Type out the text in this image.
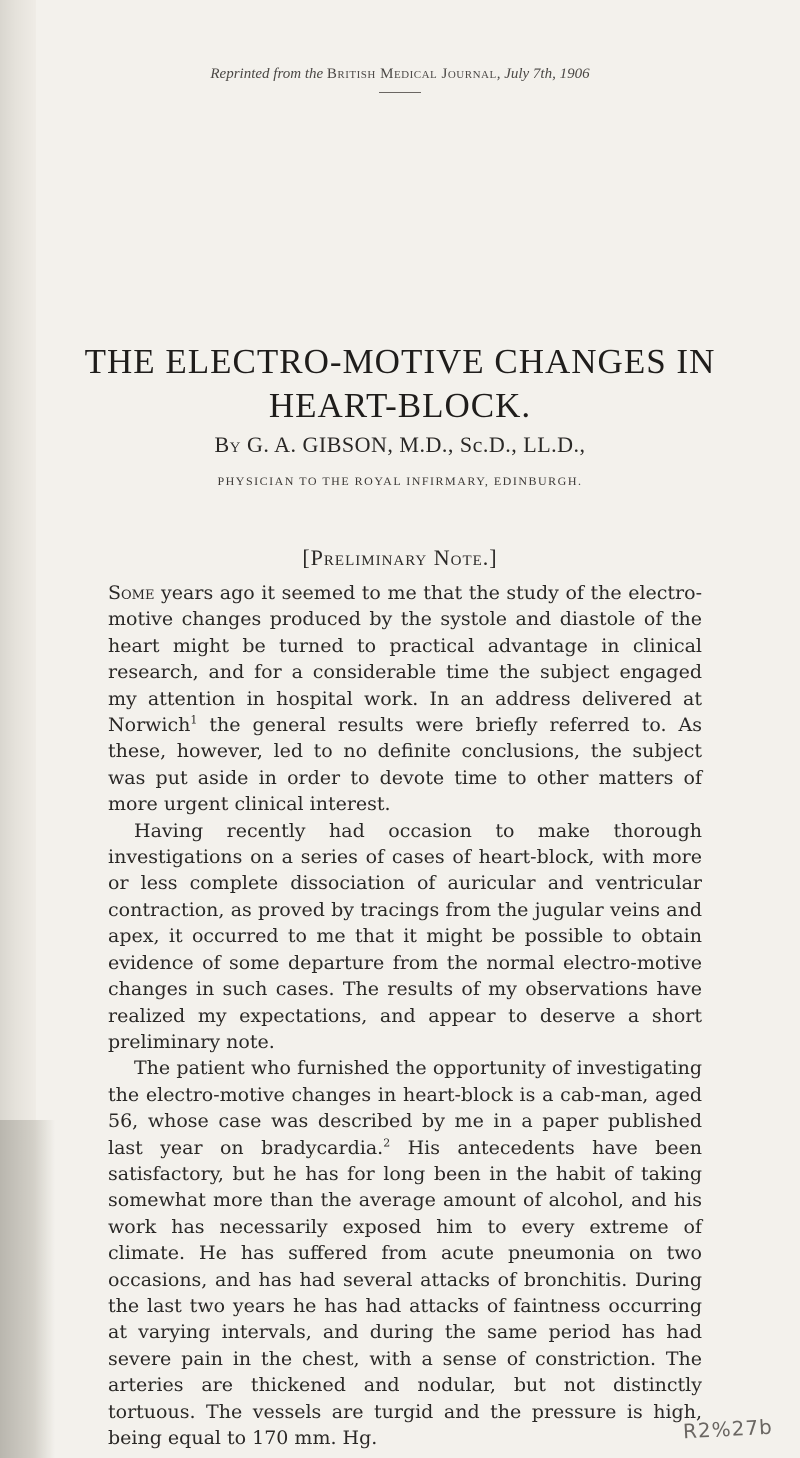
Reprinted from the British Medical Journal, July 7th, 1906
THE ELECTRO-MOTIVE CHANGES IN
HEART-BLOCK.
By G. A. GIBSON, M.D., Sc.D., LL.D.,
PHYSICIAN TO THE ROYAL INFIRMARY, EDINBURGH.
[Preliminary Note.]

Some years ago it seemed to me that the study of the electro-motive changes produced by the systole and diastole of the heart might be turned to practical advantage in clinical research, and for a considerable time the subject engaged my attention in hospital work. In an address delivered at Norwich$^1$ the general results were briefly referred to. As these, however, led to no definite conclusions, the subject was put aside in order to devote time to other matters of more urgent clinical interest.

Having recently had occasion to make thorough investigations on a series of cases of heart-block, with more or less complete dissociation of auricular and ventricular contraction, as proved by tracings from the jugular veins and apex, it occurred to me that it might be possible to obtain evidence of some departure from the normal electro-motive changes in such cases. The results of my observations have realized my expectations, and appear to deserve a short preliminary note.

The patient who furnished the opportunity of investigating the electro-motive changes in heart-block is a cab-man, aged 56, whose case was described by me in a paper published last year on bradycardia.$^2$ His antecedents have been satisfactory, but he has for long been in the habit of taking somewhat more than the average amount of alcohol, and his work has necessarily exposed him to every extreme of climate. He has suffered from acute pneumonia on two occasions, and has had several attacks of bronchitis. During the last two years he has had attacks of faintness occurring at varying intervals, and during the same period has had severe pain in the chest, with a sense of constriction. The arteries are thickened and nodular, but not distinctly tortuous. The vessels are turgid and the pressure is high, being equal to 170 mm. Hg.	R2%27b
